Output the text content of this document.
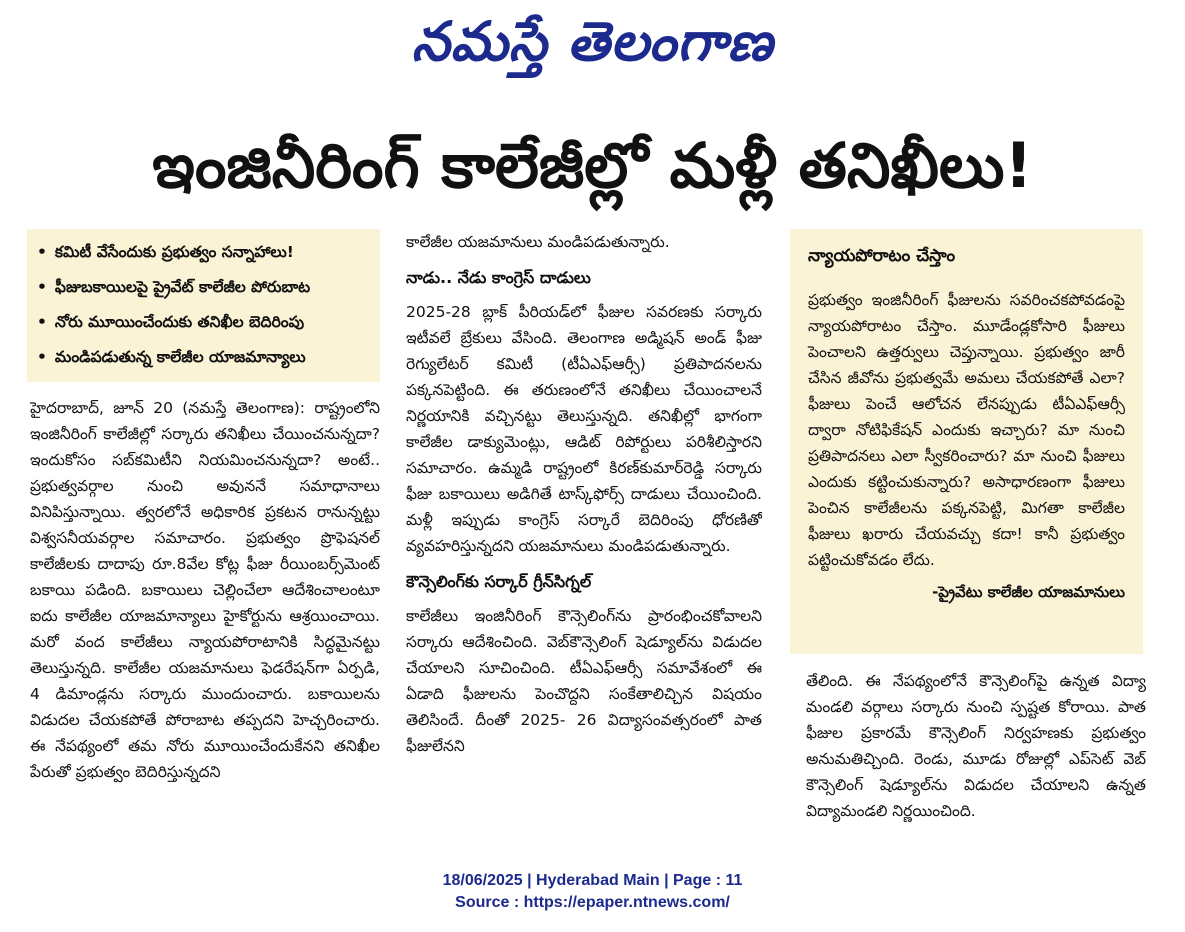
నమస్తే తెలంగాణ
ఇంజినీరింగ్ కాలేజీల్లో మళ్లీ తనిఖీలు!
• కమిటీ వేసేందుకు ప్రభుత్వం సన్నాహాలు!
• ఫీజుబకాయిలపై ప్రైవేట్ కాలేజీల పోరుబాట
• నోరు మూయించేందుకు తనిఖీల బెదిరింపు
• మండిపడుతున్న కాలేజీల యాజమాన్యాలు

హైదరాబాద్, జూన్ 20 (నమస్తే తెలంగాణ): రాష్ట్రంలోని ఇంజినీరింగ్ కాలేజీల్లో సర్కారు తనిఖీలు చేయించనున్నదా? ఇందుకోసం సబ్‌కమిటీని నియమించనున్నదా? అంటే.. ప్రభుత్వవర్గాల నుంచి అవుననే సమాధానాలు వినిపిస్తున్నాయి. త్వరలోనే అధికారిక ప్రకటన రానున్నట్టు విశ్వసనీయవర్గాల సమాచారం. ప్రభుత్వం ప్రొఫెషనల్ కాలేజీలకు దాదాపు రూ.8వేల కోట్ల ఫీజు రీయింబర్స్‌మెంట్ బకాయి పడింది. బకాయిలు చెల్లించేలా ఆదేశించాలంటూ ఐదు కాలేజీల యాజమాన్యాలు హైకోర్టును ఆశ్రయించాయి. మరో వంద కాలేజీలు న్యాయపోరాటానికి సిద్ధమైనట్టు తెలుస్తున్నది. కాలేజీల యజమానులు ఫెడరేషన్‌గా ఏర్పడి, 4 డిమాండ్లను సర్కారు ముందుంచారు. బకాయిలను విడుదల చేయకపోతే పోరాబాట తప్పదని హెచ్చరించారు. ఈ నేపథ్యంలో తమ నోరు మూయించేందుకేనని తనిఖీల పేరుతో ప్రభుత్వం బెదిరిస్తున్నదని

కాలేజీల యజమానులు మండిపడుతున్నారు.

నాడు.. నేడు కాంగ్రెస్ దాడులు

2025-28 బ్లాక్ పీరియడ్‌లో ఫీజుల సవరణకు సర్కారు ఇటీవలే బ్రేకులు వేసింది. తెలంగాణ అడ్మిషన్ అండ్ ఫీజు రెగ్యులేటర్ కమిటీ (టీఏఎఫ్‌ఆర్సీ) ప్రతిపాదనలను పక్కనపెట్టింది. ఈ తరుణంలోనే తనిఖీలు చేయించాలనే నిర్ణయానికి వచ్చినట్టు తెలుస్తున్నది. తనిఖీల్లో భాగంగా కాలేజీల డాక్యుమెంట్లు, ఆడిట్ రిపోర్టులు పరిశీలిస్తారని సమాచారం. ఉమ్మడి రాష్ట్రంలో కిరణ్‌కుమార్‌రెడ్డి సర్కారు ఫీజు బకాయిలు అడిగితే టాస్క్‌ఫోర్స్ దాడులు చేయించింది. మళ్లీ ఇప్పుడు కాంగ్రెస్ సర్కారే బెదిరింపు ధోరణితో వ్యవహరిస్తున్నదని యజమానులు మండిపడుతున్నారు.

కౌన్సెలింగ్‌కు సర్కార్ గ్రీన్‌సిగ్నల్

కాలేజీలు ఇంజినీరింగ్ కౌన్సెలింగ్‌ను ప్రారంభించకోవాలని సర్కారు ఆదేశించింది. వెబ్‌కౌన్సెలింగ్ షెడ్యూల్‌ను విడుదల చేయాలని సూచించింది. టీఏఎఫ్‌ఆర్సీ సమావేశంలో ఈ ఏడాది ఫీజులను పెంచొద్దని సంకేతాలిచ్చిన విషయం తెలిసిందే. దీంతో 2025- 26 విద్యాసంవత్సరంలో పాత ఫీజులేనని

న్యాయపోరాటం చేస్తాం

ప్రభుత్వం ఇంజినీరింగ్ ఫీజులను సవరించకపోవడంపై న్యాయపోరాటం చేస్తాం. మూడేండ్లకోసారి ఫీజులు పెంచాలని ఉత్తర్వులు చెప్తున్నాయి. ప్రభుత్వం జారీ చేసిన జీవోను ప్రభుత్వమే అమలు చేయకపోతే ఎలా? ఫీజులు పెంచే ఆలోచన లేనప్పుడు టీఏఎఫ్‌ఆర్సీ ద్వారా నోటిఫికేషన్ ఎందుకు ఇచ్చారు? మా నుంచి ప్రతిపాదనలు ఎలా స్వీకరించారు? మా నుంచి ఫీజులు ఎందుకు కట్టించుకున్నారు? అసాధారణంగా ఫీజులు పెంచిన కాలేజీలను పక్కనపెట్టి, మిగతా కాలేజీల ఫీజులు ఖరారు చేయవచ్చు కదా! కానీ ప్రభుత్వం పట్టించుకోవడం లేదు.

-ప్రైవేటు కాలేజీల యాజమానులు

తేలింది. ఈ నేపథ్యంలోనే కౌన్సెలింగ్‌పై ఉన్నత విద్యా మండలి వర్గాలు సర్కారు నుంచి స్పష్టత కోరాయి. పాత ఫీజుల ప్రకారమే కౌన్సెలింగ్ నిర్వహణకు ప్రభుత్వం అనుమతిచ్చింది. రెండు, మూడు రోజుల్లో ఎప్‌సెట్ వెబ్ కౌన్సెలింగ్ షెడ్యూల్‌ను విడుదల చేయాలని ఉన్నత విద్యామండలి నిర్ణయించింది.

18/06/2025 | Hyderabad Main | Page : 11
Source : https://epaper.ntnews.com/
